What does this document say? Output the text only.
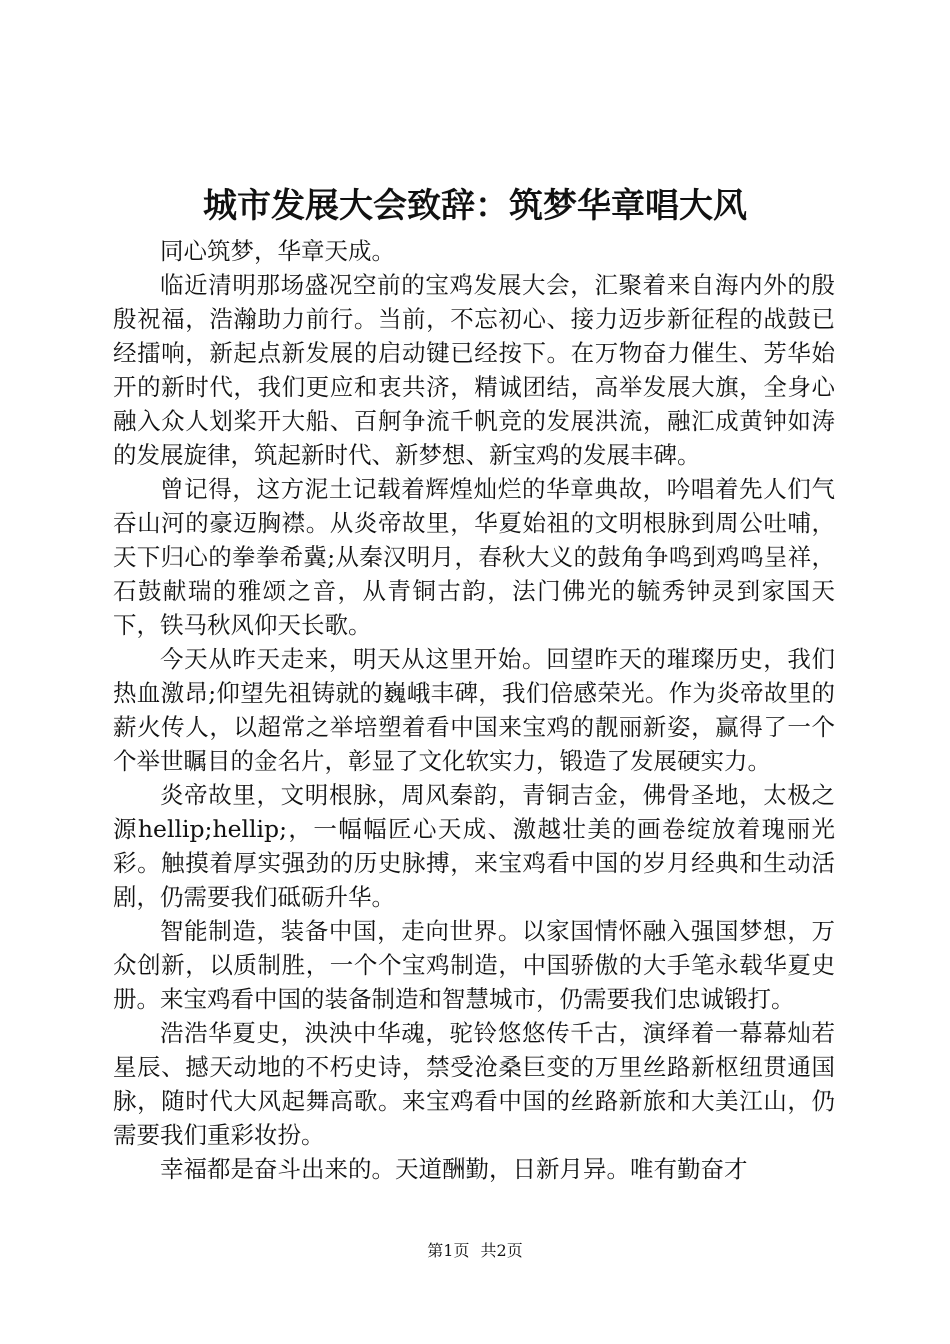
城市发展大会致辞：筑梦华章唱大风

同心筑梦，华章天成。

临近清明那场盛况空前的宝鸡发展大会，汇聚着来自海内外的殷殷祝福，浩瀚助力前行。当前，不忘初心、接力迈步新征程的战鼓已经擂响，新起点新发展的启动键已经按下。在万物奋力催生、芳华始开的新时代，我们更应和衷共济，精诚团结，高举发展大旗，全身心融入众人划桨开大船、百舸争流千帆竞的发展洪流，融汇成黄钟如涛的发展旋律，筑起新时代、新梦想、新宝鸡的发展丰碑。

曾记得，这方泥土记载着辉煌灿烂的华章典故，吟唱着先人们气吞山河的豪迈胸襟。从炎帝故里，华夏始祖的文明根脉到周公吐哺，天下归心的拳拳希冀;从秦汉明月，春秋大义的鼓角争鸣到鸡鸣呈祥，石鼓献瑞的雅颂之音，从青铜古韵，法门佛光的毓秀钟灵到家国天下，铁马秋风仰天长歌。

今天从昨天走来，明天从这里开始。回望昨天的璀璨历史，我们热血激昂;仰望先祖铸就的巍峨丰碑，我们倍感荣光。作为炎帝故里的薪火传人，以超常之举培塑着看中国来宝鸡的靓丽新姿，赢得了一个个举世瞩目的金名片，彰显了文化软实力，锻造了发展硬实力。

炎帝故里，文明根脉，周风秦韵，青铜吉金，佛骨圣地，太极之源hellip;hellip;，一幅幅匠心天成、激越壮美的画卷绽放着瑰丽光彩。触摸着厚实强劲的历史脉搏，来宝鸡看中国的岁月经典和生动活剧，仍需要我们砥砺升华。

智能制造，装备中国，走向世界。以家国情怀融入强国梦想，万众创新，以质制胜，一个个宝鸡制造，中国骄傲的大手笔永载华夏史册。来宝鸡看中国的装备制造和智慧城市，仍需要我们忠诚锻打。

浩浩华夏史，泱泱中华魂，驼铃悠悠传千古，演绎着一幕幕灿若星辰、撼天动地的不朽史诗，禁受沧桑巨变的万里丝路新枢纽贯通国脉，随时代大风起舞高歌。来宝鸡看中国的丝路新旅和大美江山，仍需要我们重彩妆扮。

幸福都是奋斗出来的。天道酬勤，日新月异。唯有勤奋才

第1页 共2页
